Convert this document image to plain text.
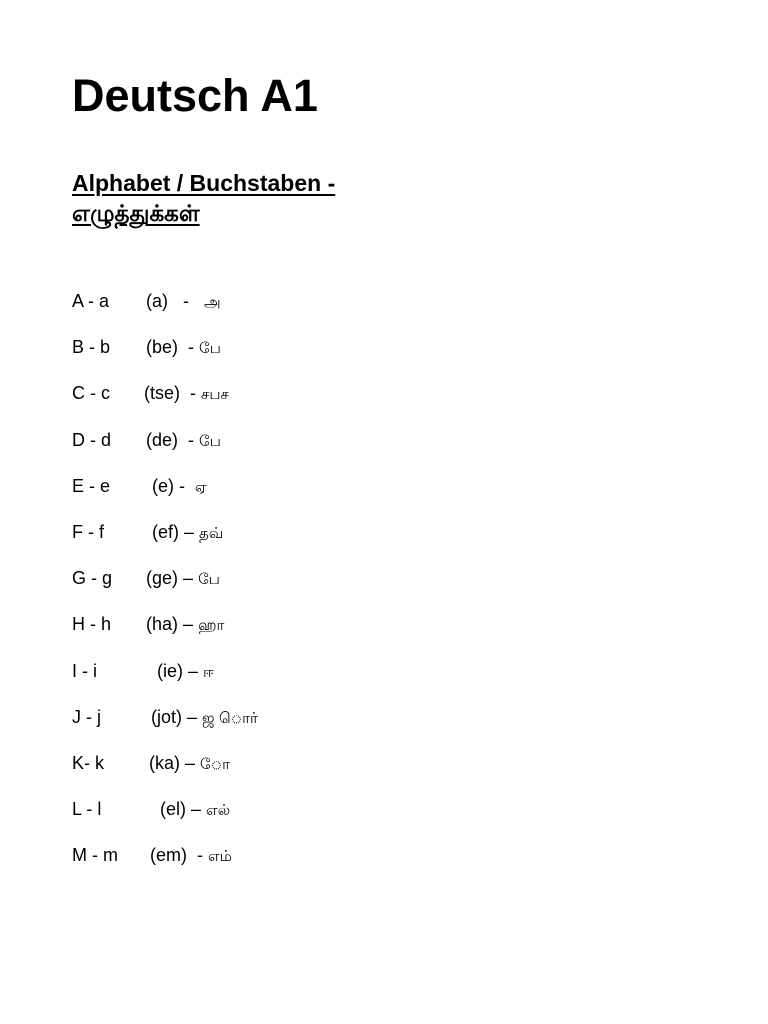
Deutsch A1
Alphabet / Buchstaben -
எழுத்துக்கள்
A - a (a) - அ
B - b (be) - பே
C - c (tse) - சபச
D - d (de) - பே
E - e (e) - ஏ
F - f	(ef) – தவ்
G - g (ge) – பே
H - h (ha) – ஹா
I - i	(ie) – ஈ
J - j	(jot) – ஜ ொர்
K- k (ka) – ோ
L - l	(el) – எல்
M - m (em) - எம்
